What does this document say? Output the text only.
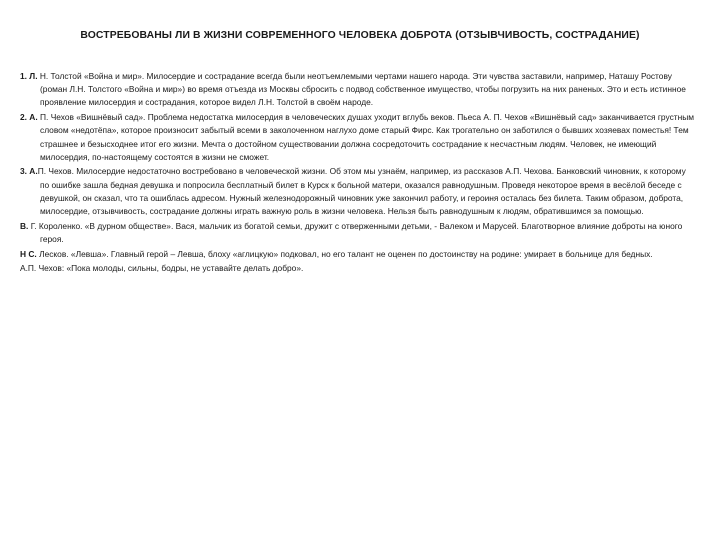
ВОСТРЕБОВАНЫ ЛИ В ЖИЗНИ СОВРЕМЕННОГО ЧЕЛОВЕКА ДОБРОТА (ОТЗЫВЧИВОСТЬ, СОСТРАДАНИЕ)

1. Л. Н. Толстой «Война и мир». Милосердие и сострадание всегда были неотъемлемыми чертами нашего народа. Эти чувства заставили, например, Наташу Ростову (роман Л.Н. Толстого «Война и мир») во время отъезда из Москвы сбросить с подвод собственное имущество, чтобы погрузить на них раненых. Это и есть истинное проявление милосердия и сострадания, которое видел Л.Н. Толстой в своём народе.

2. А. П. Чехов «Вишнёвый сад». Проблема недостатка милосердия в человеческих душах уходит вглубь веков. Пьеса А. П. Чехов «Вишнёвый сад» заканчивается грустным словом «недотёпа», которое произносит забытый всеми в заколоченном наглухо доме старый Фирс. Как трогательно он заботился о бывших хозяевах поместья! Тем страшнее и безысходнее итог его жизни. Мечта о достойном существовании должна сосредоточить сострадание к несчастным людям. Человек, не имеющий милосердия, по-настоящему состоятся в жизни не сможет.

3. А.П. Чехов. Милосердие недостаточно востребовано в человеческой жизни. Об этом мы узнаём, например, из рассказов А.П. Чехова. Банковский чиновник, к которому по ошибке зашла бедная девушка и попросила бесплатный билет в Курск к больной матери, оказался равнодушным. Проведя некоторое время в весёлой беседе с девушкой, он сказал, что та ошиблась адресом. Нужный железнодорожный чиновник уже закончил работу, и героиня осталась без билета. Таким образом, доброта, милосердие, отзывчивость, сострадание должны играть важную роль в жизни человека. Нельзя быть равнодушным к людям, обратившимся за помощью.

В. Г. Короленко. «В дурном обществе». Вася, мальчик из богатой семьи, дружит с отверженными детьми, - Валеком и Марусей. Благотворное влияние доброты на юного героя.

Н С. Лесков. «Левша». Главный герой – Левша, блоху «аглицкую» подковал, но его талант не оценен по достоинству на родине: умирает в больнице для бедных.

А.П. Чехов: «Пока молоды, сильны, бодры, не уставайте делать добро».
